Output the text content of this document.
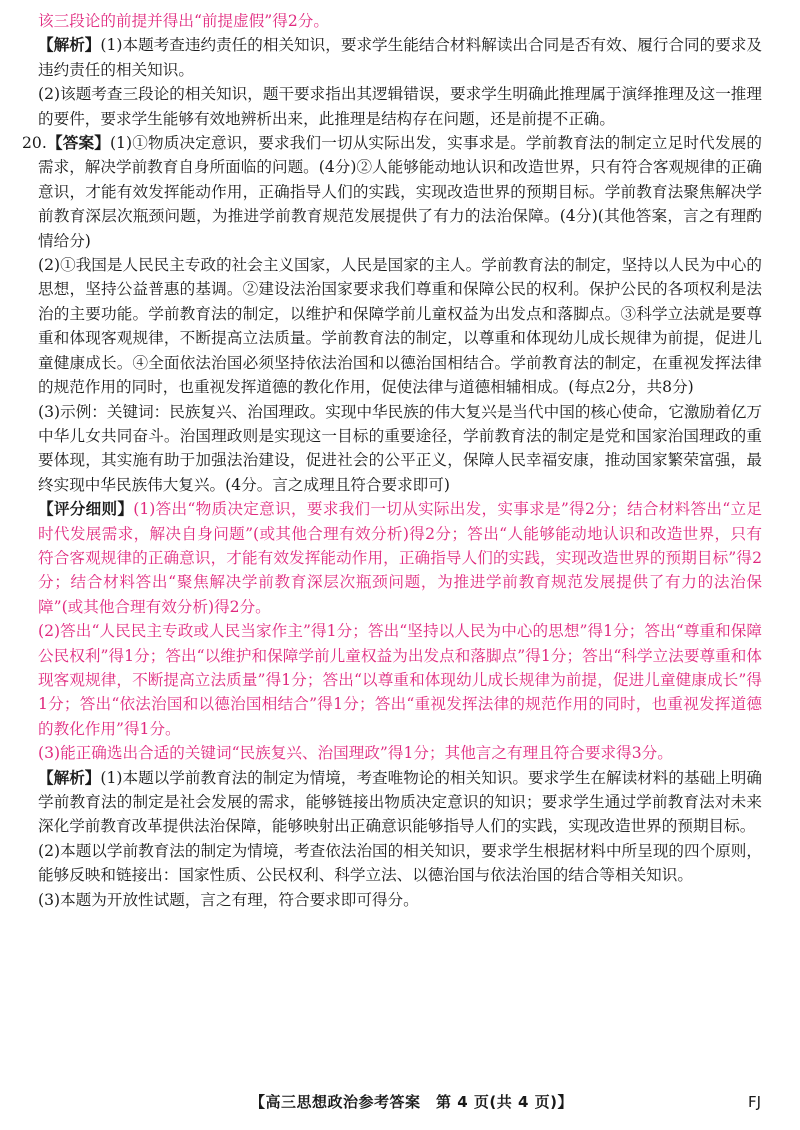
该三段论的前提并得出“前提虚假”得2分。

【解析】(1)本题考查违约责任的相关知识，要求学生能结合材料解读出合同是否有效、履行合同的要求及违约责任的相关知识。

(2)该题考查三段论的相关知识，题干要求指出其逻辑错误，要求学生明确此推理属于演绎推理及这一推理的要件，要求学生能够有效地辨析出来，此推理是结构存在问题，还是前提不正确。

20.【答案】(1)①物质决定意识，要求我们一切从实际出发，实事求是。学前教育法的制定立足时代发展的需求，解决学前教育自身所面临的问题。(4分)②人能够能动地认识和改造世界，只有符合客观规律的正确意识，才能有效发挥能动作用，正确指导人们的实践，实现改造世界的预期目标。学前教育法聚焦解决学前教育深层次瓶颈问题，为推进学前教育规范发展提供了有力的法治保障。(4分)(其他答案，言之有理酌情给分)

(2)①我国是人民民主专政的社会主义国家，人民是国家的主人。学前教育法的制定，坚持以人民为中心的思想，坚持公益普惠的基调。②建设法治国家要求我们尊重和保障公民的权利。保护公民的各项权利是法治的主要功能。学前教育法的制定，以维护和保障学前儿童权益为出发点和落脚点。③科学立法就是要尊重和体现客观规律，不断提高立法质量。学前教育法的制定，以尊重和体现幼儿成长规律为前提，促进儿童健康成长。④全面依法治国必须坚持依法治国和以德治国相结合。学前教育法的制定，在重视发挥法律的规范作用的同时，也重视发挥道德的教化作用，促使法律与道德相辅相成。(每点2分，共8分)

(3)示例：关键词：民族复兴、治国理政。实现中华民族的伟大复兴是当代中国的核心使命，它激励着亿万中华儿女共同奋斗。治国理政则是实现这一目标的重要途径，学前教育法的制定是党和国家治国理政的重要体现，其实施有助于加强法治建设，促进社会的公平正义，保障人民幸福安康，推动国家繁荣富强，最终实现中华民族伟大复兴。(4分。言之成理且符合要求即可)

【评分细则】(1)答出“物质决定意识，要求我们一切从实际出发，实事求是”得2分；结合材料答出“立足时代发展需求，解决自身问题”(或其他合理有效分析)得2分；答出“人能够能动地认识和改造世界，只有符合客观规律的正确意识，才能有效发挥能动作用，正确指导人们的实践，实现改造世界的预期目标”得2分；结合材料答出“聚焦解决学前教育深层次瓶颈问题，为推进学前教育规范发展提供了有力的法治保障”(或其他合理有效分析)得2分。

(2)答出“人民民主专政或人民当家作主”得1分；答出“坚持以人民为中心的思想”得1分；答出“尊重和保障公民权利”得1分；答出“以维护和保障学前儿童权益为出发点和落脚点”得1分；答出“科学立法要尊重和体现客观规律，不断提高立法质量”得1分；答出“以尊重和体现幼儿成长规律为前提，促进儿童健康成长”得1分；答出“依法治国和以德治国相结合”得1分；答出“重视发挥法律的规范作用的同时，也重视发挥道德的教化作用”得1分。

(3)能正确选出合适的关键词“民族复兴、治国理政”得1分；其他言之有理且符合要求得3分。

【解析】(1)本题以学前教育法的制定为情境，考查唯物论的相关知识。要求学生在解读材料的基础上明确学前教育法的制定是社会发展的需求，能够链接出物质决定意识的知识；要求学生通过学前教育法对未来深化学前教育改革提供法治保障，能够映射出正确意识能够指导人们的实践，实现改造世界的预期目标。

(2)本题以学前教育法的制定为情境，考查依法治国的相关知识，要求学生根据材料中所呈现的四个原则，能够反映和链接出：国家性质、公民权利、科学立法、以德治国与依法治国的结合等相关知识。

(3)本题为开放性试题，言之有理，符合要求即可得分。

【高三思想政治参考答案　第 4 页(共 4 页)】	FJ
